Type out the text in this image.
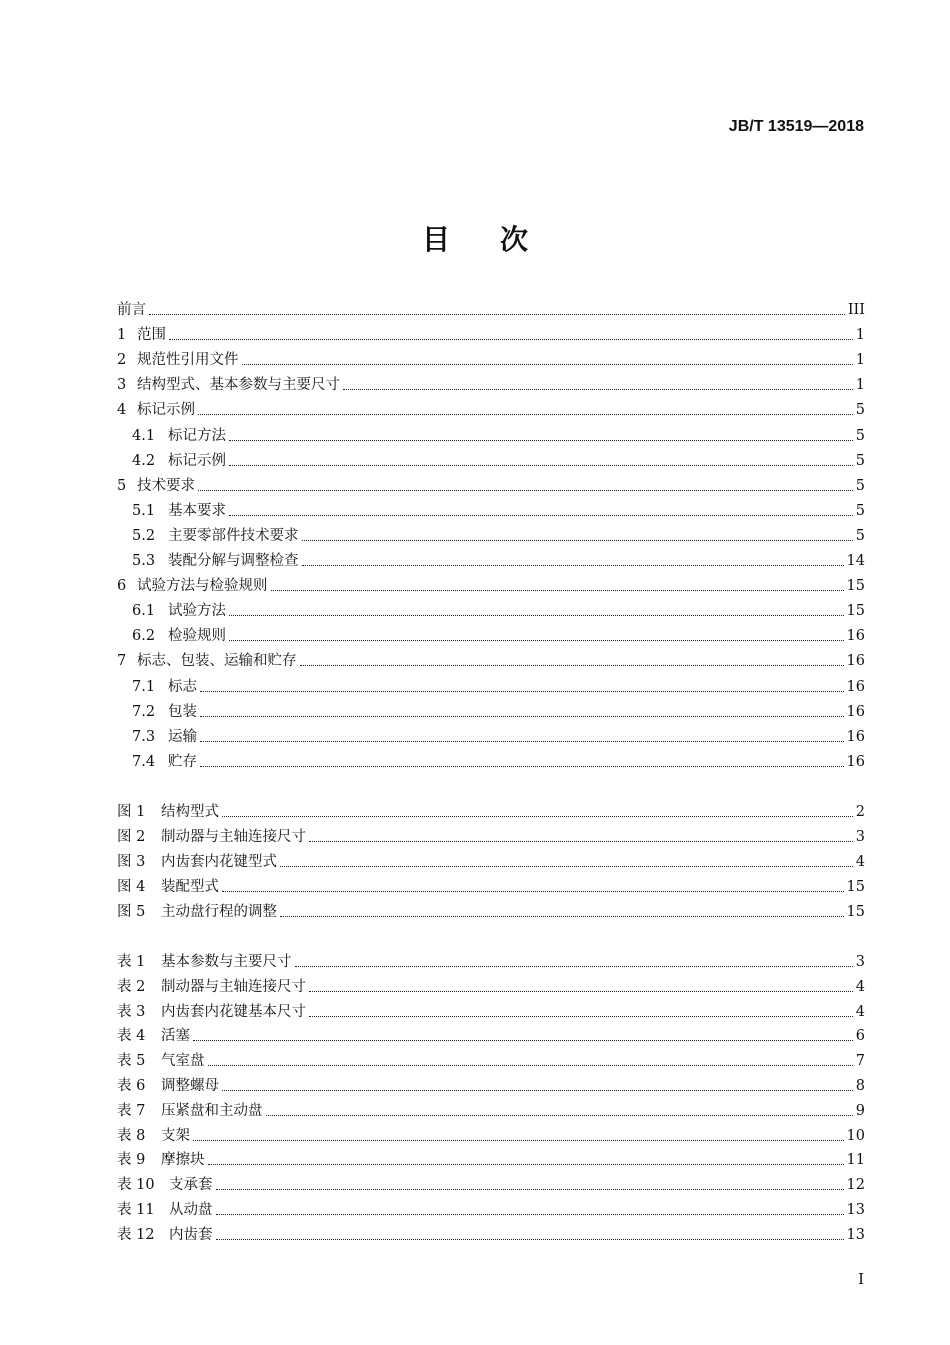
JB/T 13519—2018
目 次
前言	III
1 范围	1
2 规范性引用文件	1
3 结构型式、基本参数与主要尺寸	1
4 标记示例	5
4.1 标记方法	5
4.2 标记示例	5
5 技术要求	5
5.1 基本要求	5
5.2 主要零部件技术要求	5
5.3 装配分解与调整检查	14
6 试验方法与检验规则	15
6.1 试验方法	15
6.2 检验规则	16
7 标志、包装、运输和贮存	16
7.1 标志	16
7.2 包装	16
7.3 运输	16
7.4 贮存	16
图 1	结构型式	2
图 2	制动器与主轴连接尺寸	3
图 3	内齿套内花键型式	4
图 4	装配型式	15
图 5	主动盘行程的调整	15
表 1	基本参数与主要尺寸	3
表 2	制动器与主轴连接尺寸	4
表 3	内齿套内花键基本尺寸	4
表 4	活塞	6
表 5	气室盘	7
表 6	调整螺母	8
表 7	压紧盘和主动盘	9
表 8	支架	10
表 9	摩擦块	11
表 10 支承套	12
表 11 从动盘	13
表 12 内齿套	13
I
